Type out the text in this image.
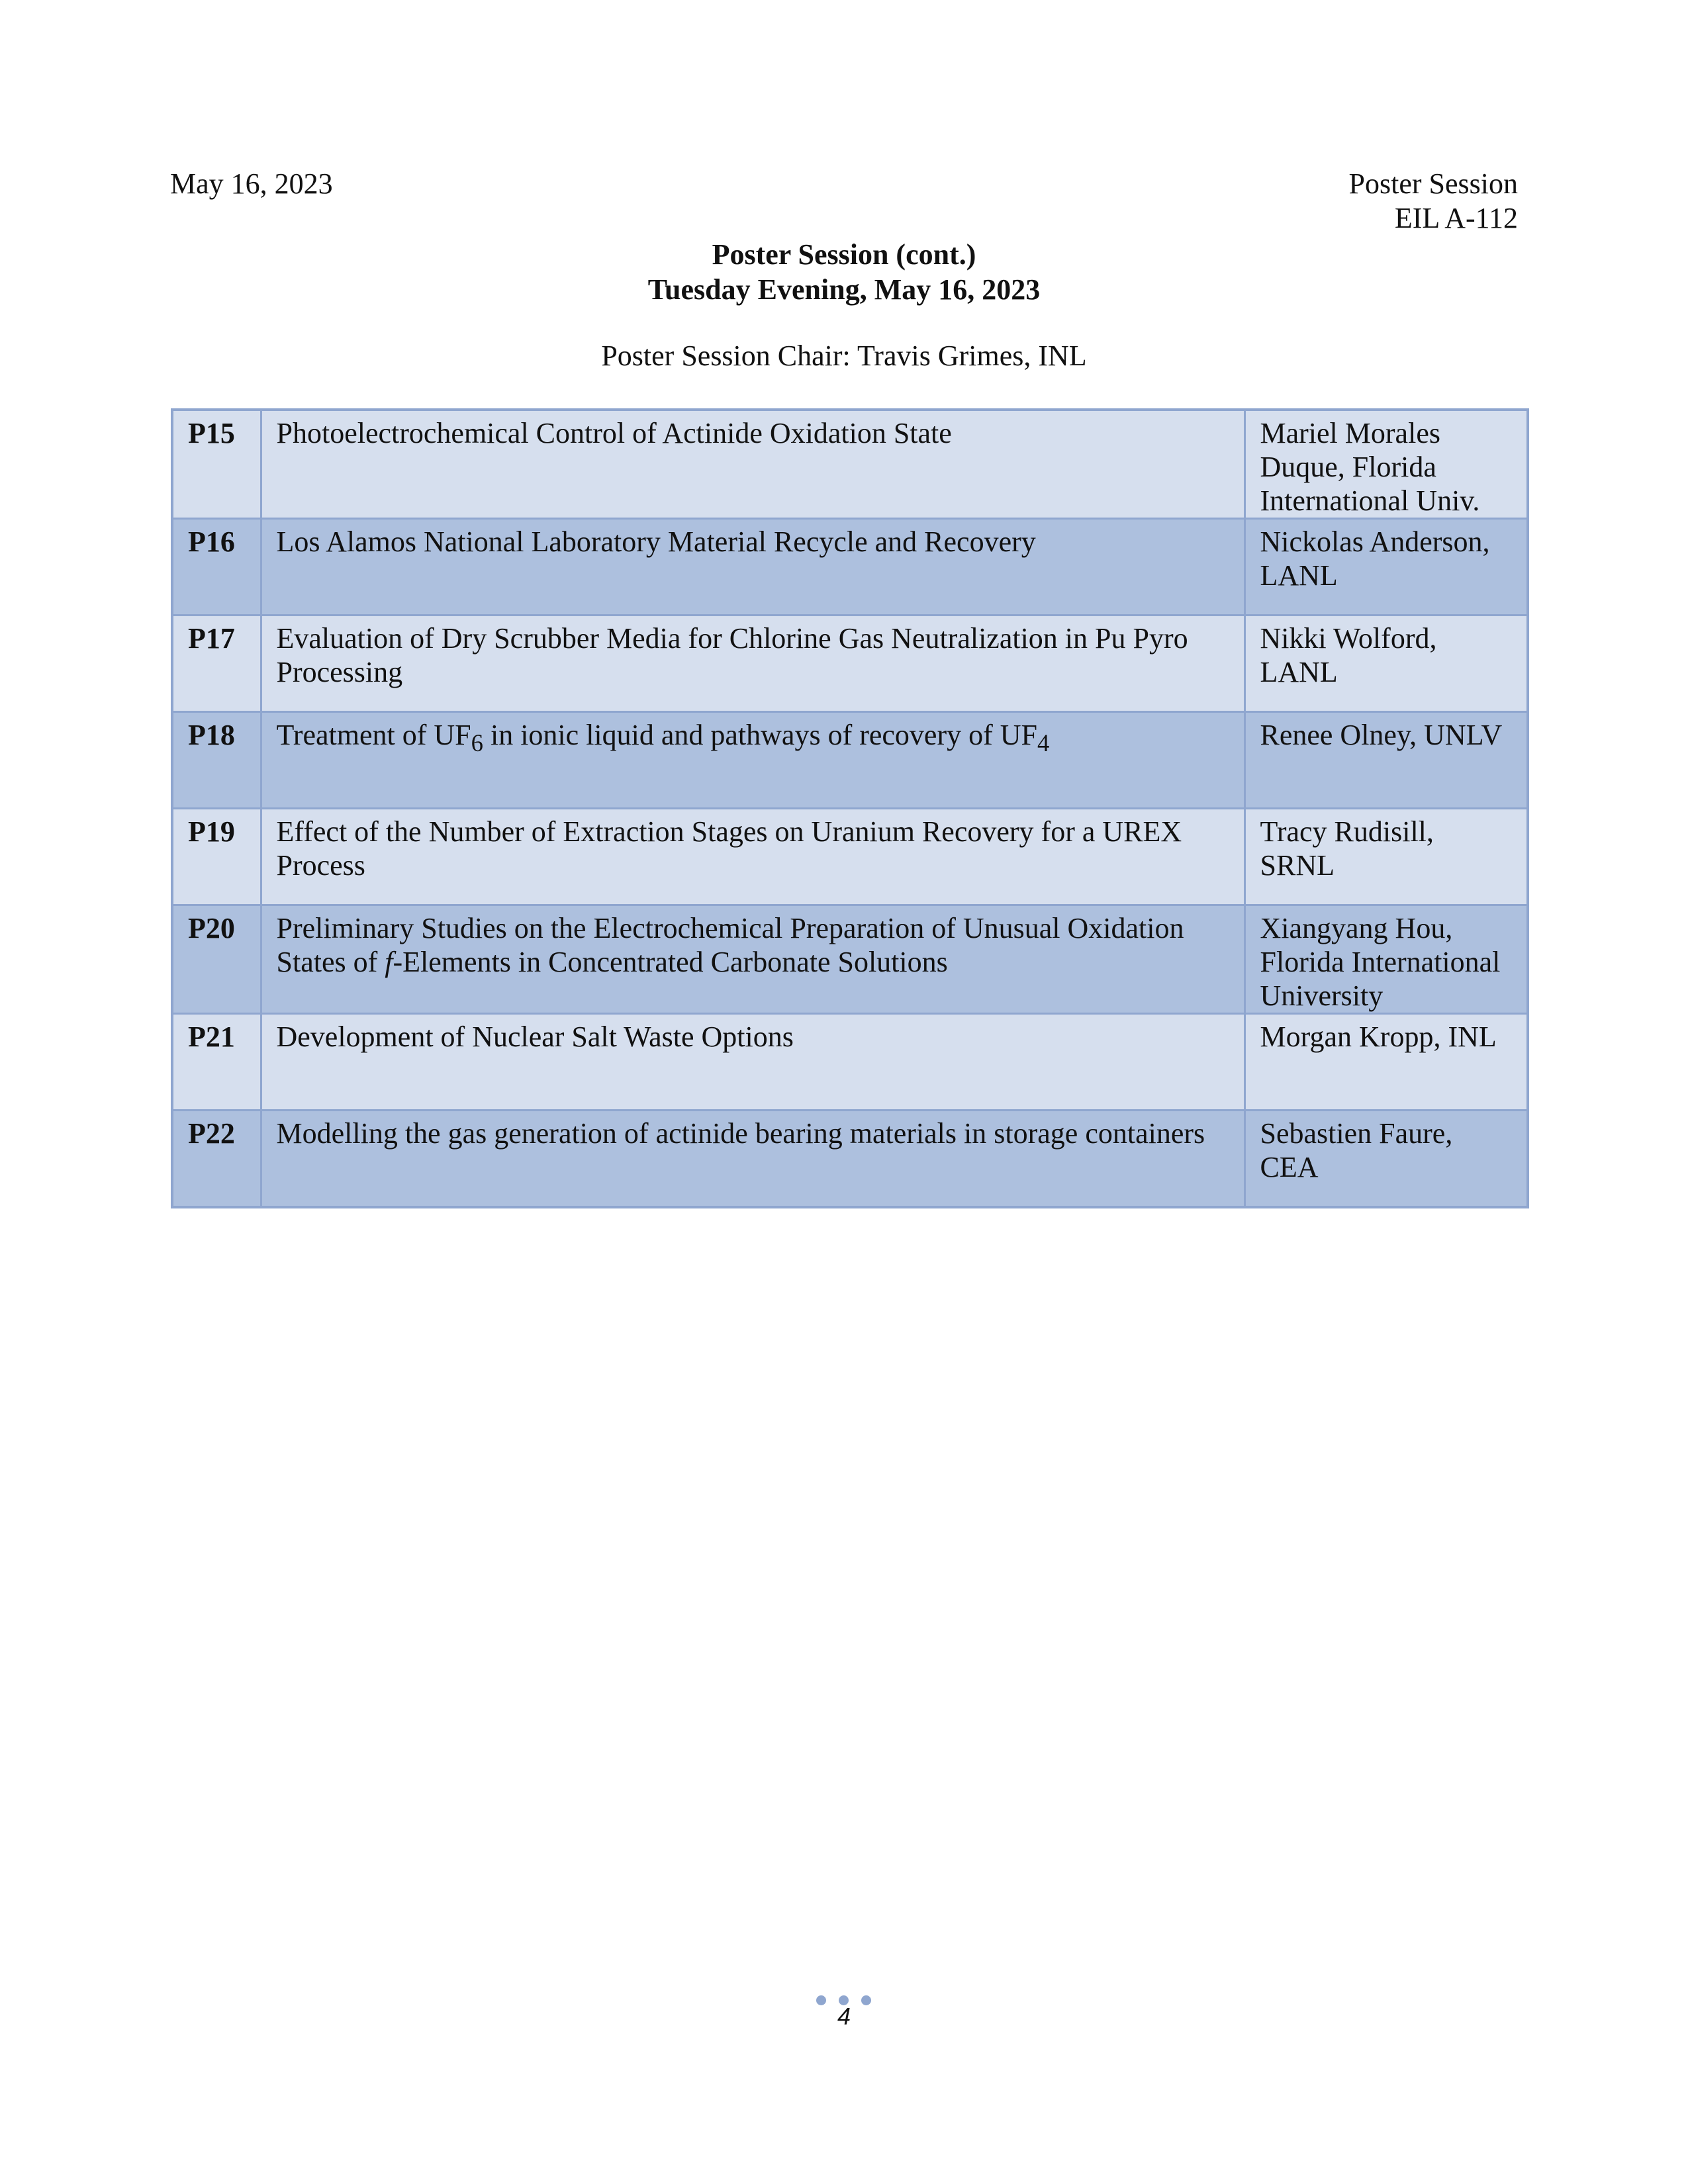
May 16, 2023	Poster Session
EIL A-112
Poster Session (cont.)
Tuesday Evening, May 16, 2023
Poster Session Chair: Travis Grimes, INL
P15	Photoelectrochemical Control of Actinide Oxidation State	Mariel Morales Duque, Florida International Univ.
P16	Los Alamos National Laboratory Material Recycle and Recovery	Nickolas Anderson, LANL
P17	Evaluation of Dry Scrubber Media for Chlorine Gas Neutralization in Pu Pyro Processing	Nikki Wolford, LANL
P18	Treatment of $UF_6$ in ionic liquid and pathways of recovery of $UF_4$	Renee Olney, UNLV
P19	Effect of the Number of Extraction Stages on Uranium Recovery for a UREX Process	Tracy Rudisill, SRNL
P20	Preliminary Studies on the Electrochemical Preparation of Unusual Oxidation States of f-Elements in Concentrated Carbonate Solutions	Xiangyang Hou, Florida International University
P21	Development of Nuclear Salt Waste Options	Morgan Kropp, INL
P22	Modelling the gas generation of actinide bearing materials in storage containers	Sebastien Faure, CEA
4
